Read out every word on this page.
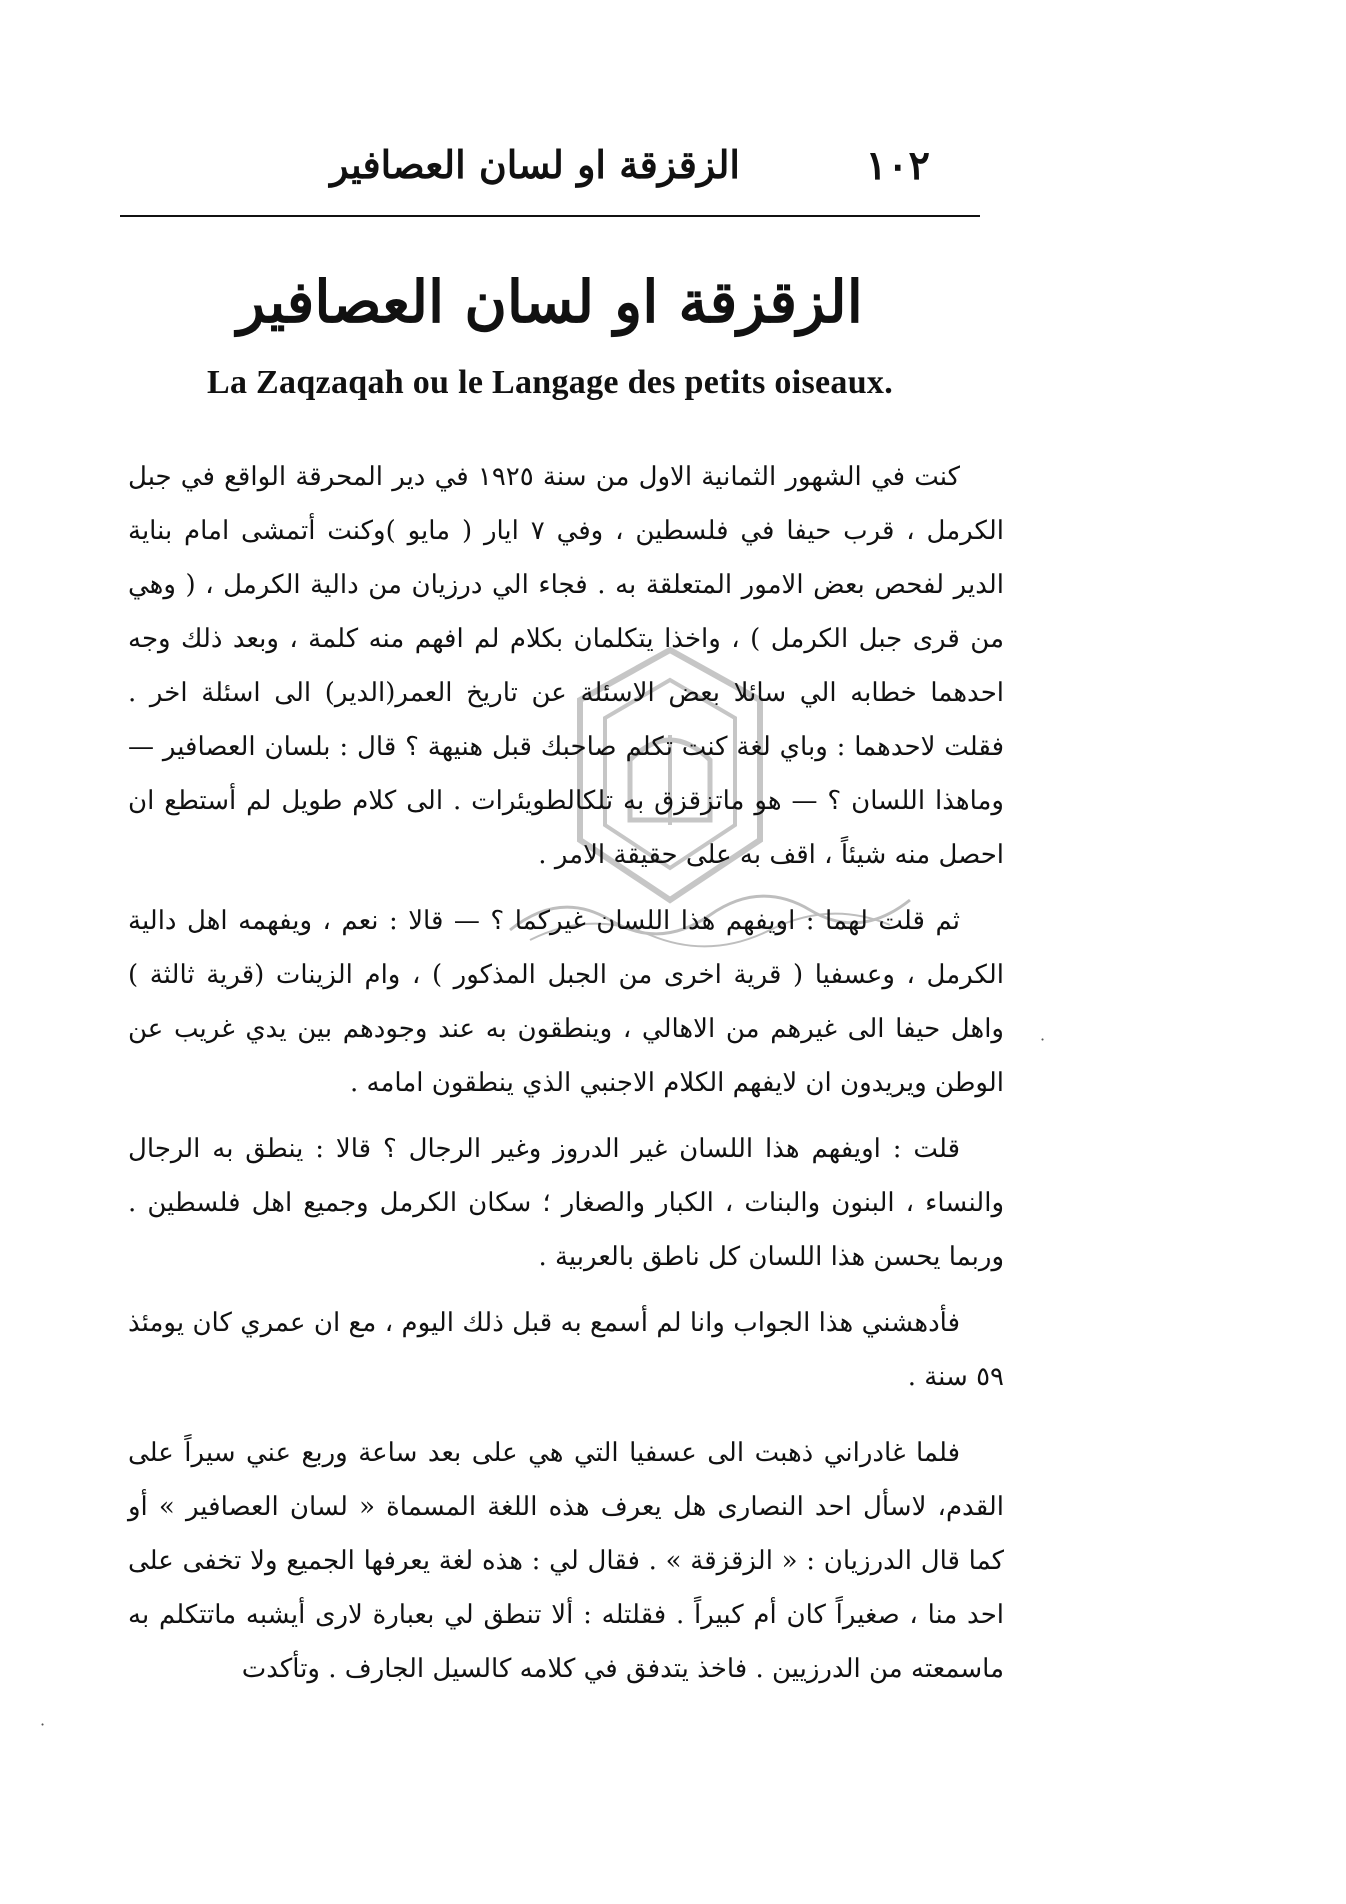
١٠٢
الزقزقة او لسان العصافير
الزقزقة او لسان العصافير
La Zaqzaqah ou le Langage des petits oiseaux.

كنت في الشهور الثمانية الاول من سنة ١٩٢٥ في دير المحرقة الواقع في جبل الكرمل ، قرب حيفا في فلسطين ، وفي ٧ ايار ( مايو )وكنت أتمشى امام بناية الدير لفحص بعض الامور المتعلقة به . فجاء الي درزيان من دالية الكرمل ، ( وهي من قرى جبل الكرمل ) ، واخذا يتكلمان بكلام لم افهم منه كلمة ، وبعد ذلك وجه احدهما خطابه الي سائلا بعض الاسئلة عن تاريخ العمر(الدير) الى اسئلة اخر . فقلت لاحدهما : وباي لغة كنت تكلم صاحبك قبل هنيهة ؟ قال : بلسان العصافير — وماهذا اللسان ؟ — هو ماتزقزق به تلكالطويئرات . الى كلام طويل لم أستطع ان احصل منه شيئاً ، اقف به على حقيقة الامر .

ثم قلت لهما : اويفهم هذا اللسان غيركما ؟ — قالا : نعم ، ويفهمه اهل دالية الكرمل ، وعسفيا ( قرية اخرى من الجبل المذكور ) ، وام الزينات (قرية ثالثة ) واهل حيفا الى غيرهم من الاهالي ، وينطقون به عند وجودهم بين يدي غريب عن الوطن ويريدون ان لايفهم الكلام الاجنبي الذي ينطقون امامه .

قلت : اويفهم هذا اللسان غير الدروز وغير الرجال ؟ قالا : ينطق به الرجال والنساء ، البنون والبنات ، الكبار والصغار ؛ سكان الكرمل وجميع اهل فلسطين . وربما يحسن هذا اللسان كل ناطق بالعربية .

فأدهشني هذا الجواب وانا لم أسمع به قبل ذلك اليوم ، مع ان عمري كان يومئذ ٥٩ سنة .

فلما غادراني ذهبت الى عسفيا التي هي على بعد ساعة وربع عني سيراً على القدم، لاسأل احد النصارى هل يعرف هذه اللغة المسماة « لسان العصافير » أو كما قال الدرزيان : « الزقزقة » . فقال لي : هذه لغة يعرفها الجميع ولا تخفى على احد منا ، صغيراً كان أم كبيراً . فقلتله : ألا تنطق لي بعبارة لارى أيشبه ماتتكلم به ماسمعته من الدرزيين . فاخذ يتدفق في كلامه كالسيل الجارف . وتأكدت

·
·
